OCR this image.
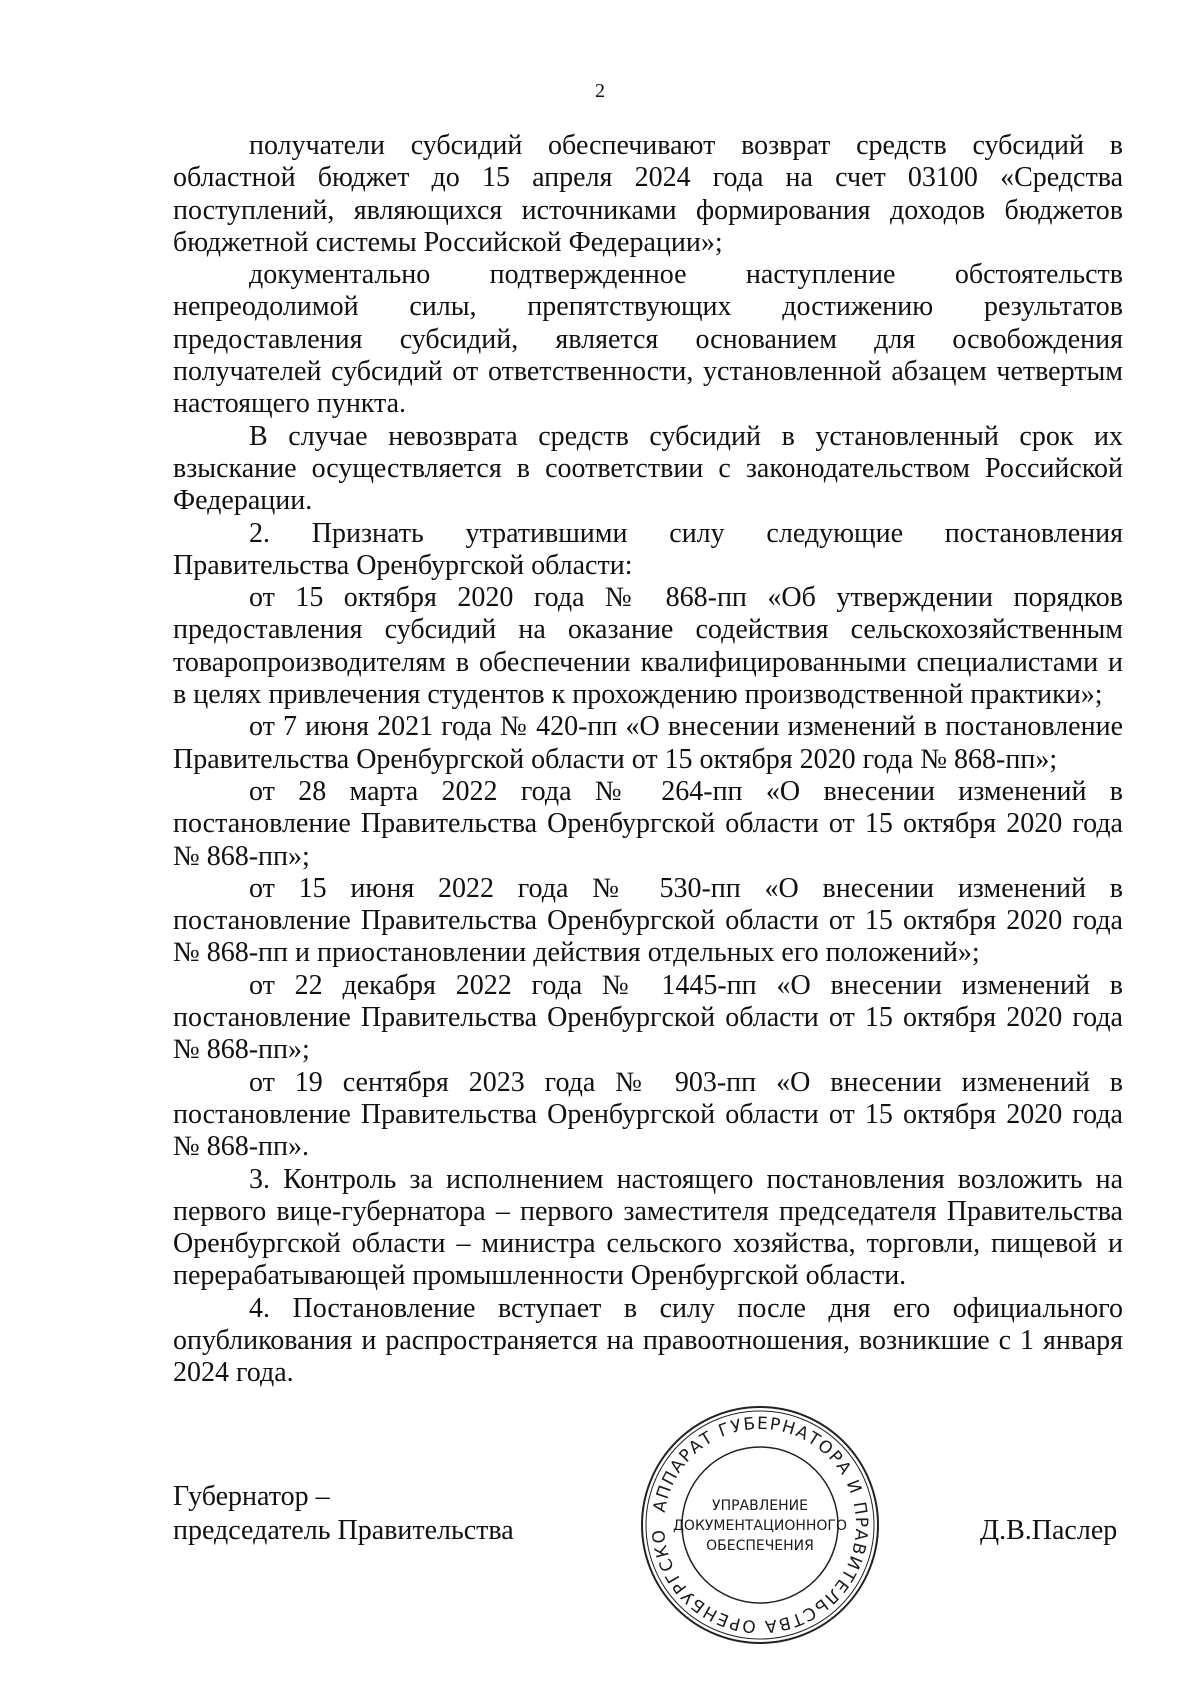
2

получатели субсидий обеспечивают возврат средств субсидий в областной бюджет до 15 апреля 2024 года на счет 03100 «Средства поступлений, являющихся источниками формирования доходов бюджетов бюджетной системы Российской Федерации»;

документально подтвержденное наступление обстоятельств непреодолимой силы, препятствующих достижению результатов предоставления субсидий, является основанием для освобождения получателей субсидий от ответственности, установленной абзацем четвертым настоящего пункта.

В случае невозврата средств субсидий в установленный срок их взыскание осуществляется в соответствии с законодательством Российской Федерации.

2. Признать утратившими силу следующие постановления Правительства Оренбургской области:

от 15 октября 2020 года № 868-пп «Об утверждении порядков предоставления субсидий на оказание содействия сельскохозяйственным товаропроизводителям в обеспечении квалифицированными специалистами и в целях привлечения студентов к прохождению производственной практики»;

от 7 июня 2021 года № 420-пп «О внесении изменений в постановление Правительства Оренбургской области от 15 октября 2020 года № 868-пп»;

от 28 марта 2022 года № 264-пп «О внесении изменений в постановление Правительства Оренбургской области от 15 октября 2020 года № 868-пп»;

от 15 июня 2022 года № 530-пп «О внесении изменений в постановление Правительства Оренбургской области от 15 октября 2020 года № 868-пп и приостановлении действия отдельных его положений»;

от 22 декабря 2022 года № 1445-пп «О внесении изменений в постановление Правительства Оренбургской области от 15 октября 2020 года № 868-пп»;

от 19 сентября 2023 года № 903-пп «О внесении изменений в постановление Правительства Оренбургской области от 15 октября 2020 года № 868-пп».

3. Контроль за исполнением настоящего постановления возложить на первого вице-губернатора – первого заместителя председателя Правительства Оренбургской области – министра сельского хозяйства, торговли, пищевой и перерабатывающей промышленности Оренбургской области.

4. Постановление вступает в силу после дня его официального опубликования и распространяется на правоотношения, возникшие с 1 января 2024 года.

Губернатор –
председатель Правительства	Д.В.Паслер
АППАРАТ ГУБЕРНАТОРА И ПРАВИТЕЛЬСТВА ОРЕНБУРГСКО
УПРАВЛЕНИЕ
ДОКУМЕНТАЦИОННОГО
ОБЕСПЕЧЕНИЯ
